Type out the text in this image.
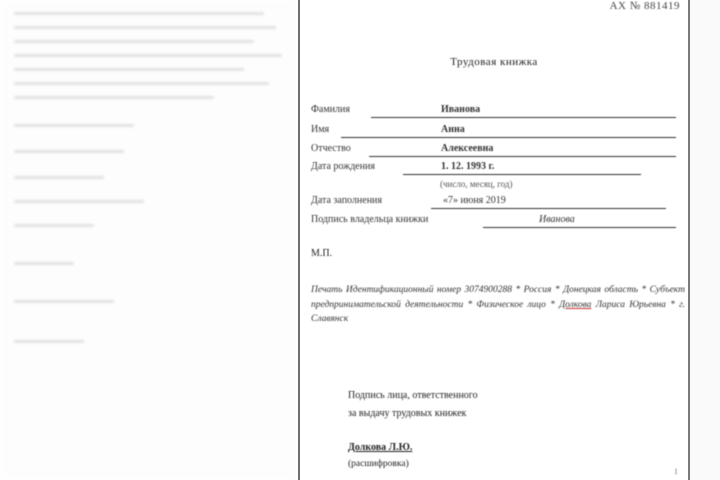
АХ № 881419
Трудовая книжка
Фамилия	Иванова
Имя	Анна
Отчество	Алексеевна
Дата рождения	1. 12. 1993 г.
(число, месяц, год)
Дата заполнения	«7» июня 2019
Подпись владельца книжки	Иванова
М.П.
Печать Идентификационный номер 3074900288 * Россия * Донецкая область * Субъект предпринимательской деятельности * Физическое лицо * Долкова Лариса Юрьевна * г. Славянск
Подпись лица, ответственного
за выдачу трудовых книжек
Долкова Л.Ю.
(расшифровка)
1
